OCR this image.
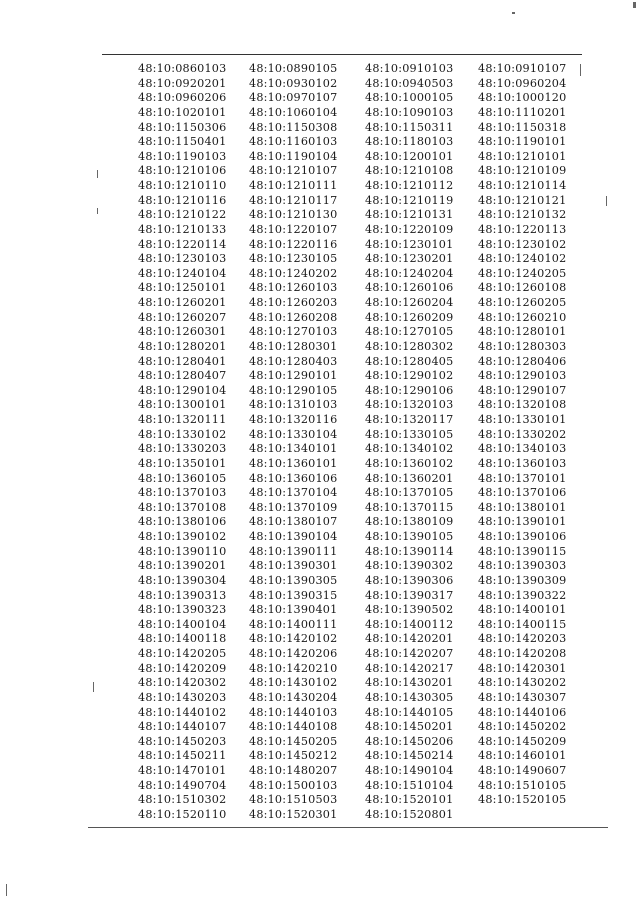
48:10:0860103	48:10:0890105	48:10:0910103	48:10:0910107
48:10:0920201	48:10:0930102	48:10:0940503	48:10:0960204
48:10:0960206	48:10:0970107	48:10:1000105	48:10:1000120
48:10:1020101	48:10:1060104	48:10:1090103	48:10:1110201
48:10:1150306	48:10:1150308	48:10:1150311	48:10:1150318
48:10:1150401	48:10:1160103	48:10:1180103	48:10:1190101
48:10:1190103	48:10:1190104	48:10:1200101	48:10:1210101
48:10:1210106	48:10:1210107	48:10:1210108	48:10:1210109
48:10:1210110	48:10:1210111	48:10:1210112	48:10:1210114
48:10:1210116	48:10:1210117	48:10:1210119	48:10:1210121
48:10:1210122	48:10:1210130	48:10:1210131	48:10:1210132
48:10:1210133	48:10:1220107	48:10:1220109	48:10:1220113
48:10:1220114	48:10:1220116	48:10:1230101	48:10:1230102
48:10:1230103	48:10:1230105	48:10:1230201	48:10:1240102
48:10:1240104	48:10:1240202	48:10:1240204	48:10:1240205
48:10:1250101	48:10:1260103	48:10:1260106	48:10:1260108
48:10:1260201	48:10:1260203	48:10:1260204	48:10:1260205
48:10:1260207	48:10:1260208	48:10:1260209	48:10:1260210
48:10:1260301	48:10:1270103	48:10:1270105	48:10:1280101
48:10:1280201	48:10:1280301	48:10:1280302	48:10:1280303
48:10:1280401	48:10:1280403	48:10:1280405	48:10:1280406
48:10:1280407	48:10:1290101	48:10:1290102	48:10:1290103
48:10:1290104	48:10:1290105	48:10:1290106	48:10:1290107
48:10:1300101	48:10:1310103	48:10:1320103	48:10:1320108
48:10:1320111	48:10:1320116	48:10:1320117	48:10:1330101
48:10:1330102	48:10:1330104	48:10:1330105	48:10:1330202
48:10:1330203	48:10:1340101	48:10:1340102	48:10:1340103
48:10:1350101	48:10:1360101	48:10:1360102	48:10:1360103
48:10:1360105	48:10:1360106	48:10:1360201	48:10:1370101
48:10:1370103	48:10:1370104	48:10:1370105	48:10:1370106
48:10:1370108	48:10:1370109	48:10:1370115	48:10:1380101
48:10:1380106	48:10:1380107	48:10:1380109	48:10:1390101
48:10:1390102	48:10:1390104	48:10:1390105	48:10:1390106
48:10:1390110	48:10:1390111	48:10:1390114	48:10:1390115
48:10:1390201	48:10:1390301	48:10:1390302	48:10:1390303
48:10:1390304	48:10:1390305	48:10:1390306	48:10:1390309
48:10:1390313	48:10:1390315	48:10:1390317	48:10:1390322
48:10:1390323	48:10:1390401	48:10:1390502	48:10:1400101
48:10:1400104	48:10:1400111	48:10:1400112	48:10:1400115
48:10:1400118	48:10:1420102	48:10:1420201	48:10:1420203
48:10:1420205	48:10:1420206	48:10:1420207	48:10:1420208
48:10:1420209	48:10:1420210	48:10:1420217	48:10:1420301
48:10:1420302	48:10:1430102	48:10:1430201	48:10:1430202
48:10:1430203	48:10:1430204	48:10:1430305	48:10:1430307
48:10:1440102	48:10:1440103	48:10:1440105	48:10:1440106
48:10:1440107	48:10:1440108	48:10:1450201	48:10:1450202
48:10:1450203	48:10:1450205	48:10:1450206	48:10:1450209
48:10:1450211	48:10:1450212	48:10:1450214	48:10:1460101
48:10:1470101	48:10:1480207	48:10:1490104	48:10:1490607
48:10:1490704	48:10:1500103	48:10:1510104	48:10:1510105
48:10:1510302	48:10:1510503	48:10:1520101	48:10:1520105
48:10:1520110	48:10:1520301	48:10:1520801
